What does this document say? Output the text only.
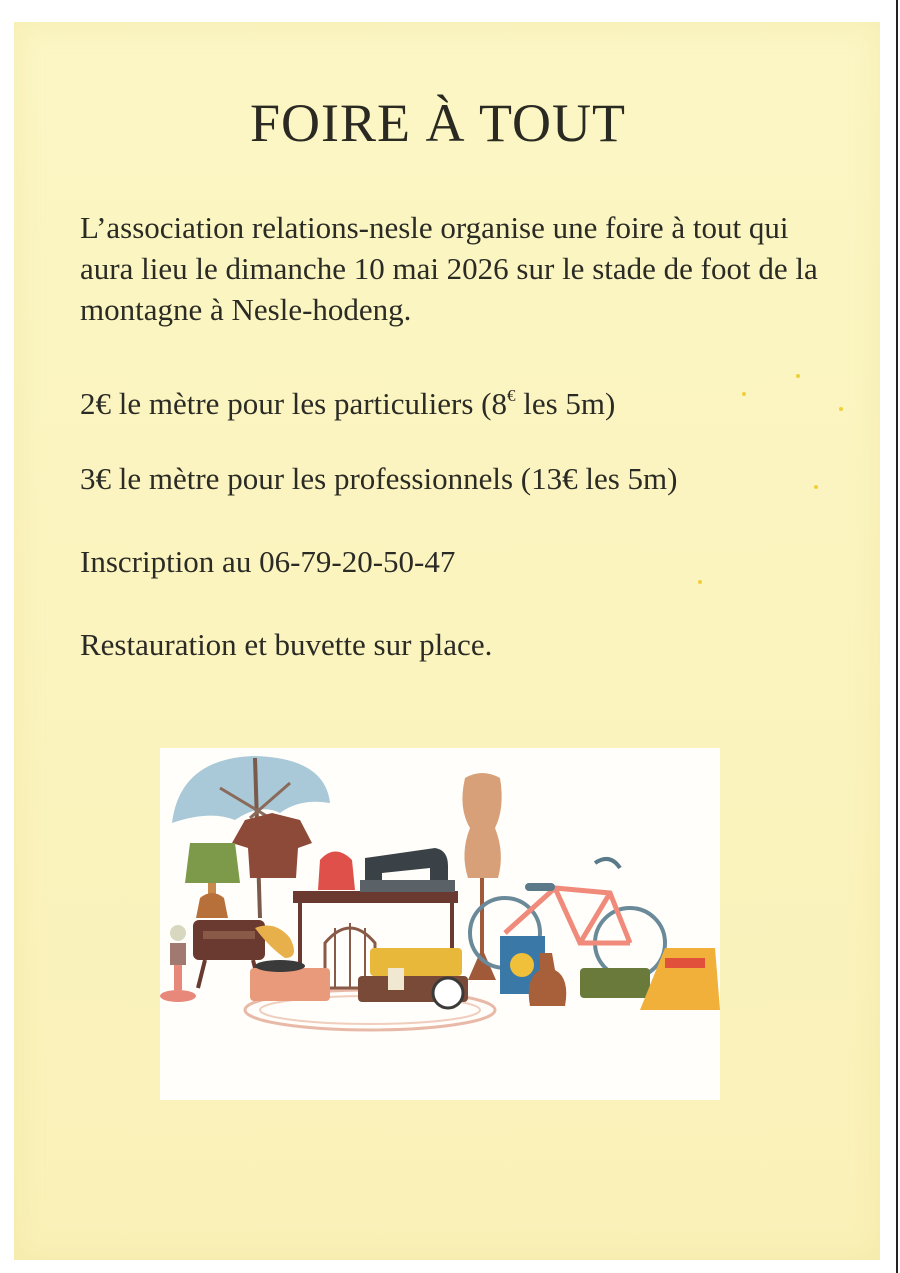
FOIRE À TOUT
L’association relations-nesle organise une foire à tout qui aura lieu le dimanche 10 mai 2026 sur le stade de foot de la montagne à Nesle-hodeng.
2€ le mètre pour les particuliers (8€ les 5m)
3€ le mètre pour les professionnels (13€ les 5m)
Inscription au 06-79-20-50-47
Restauration et buvette sur place.
